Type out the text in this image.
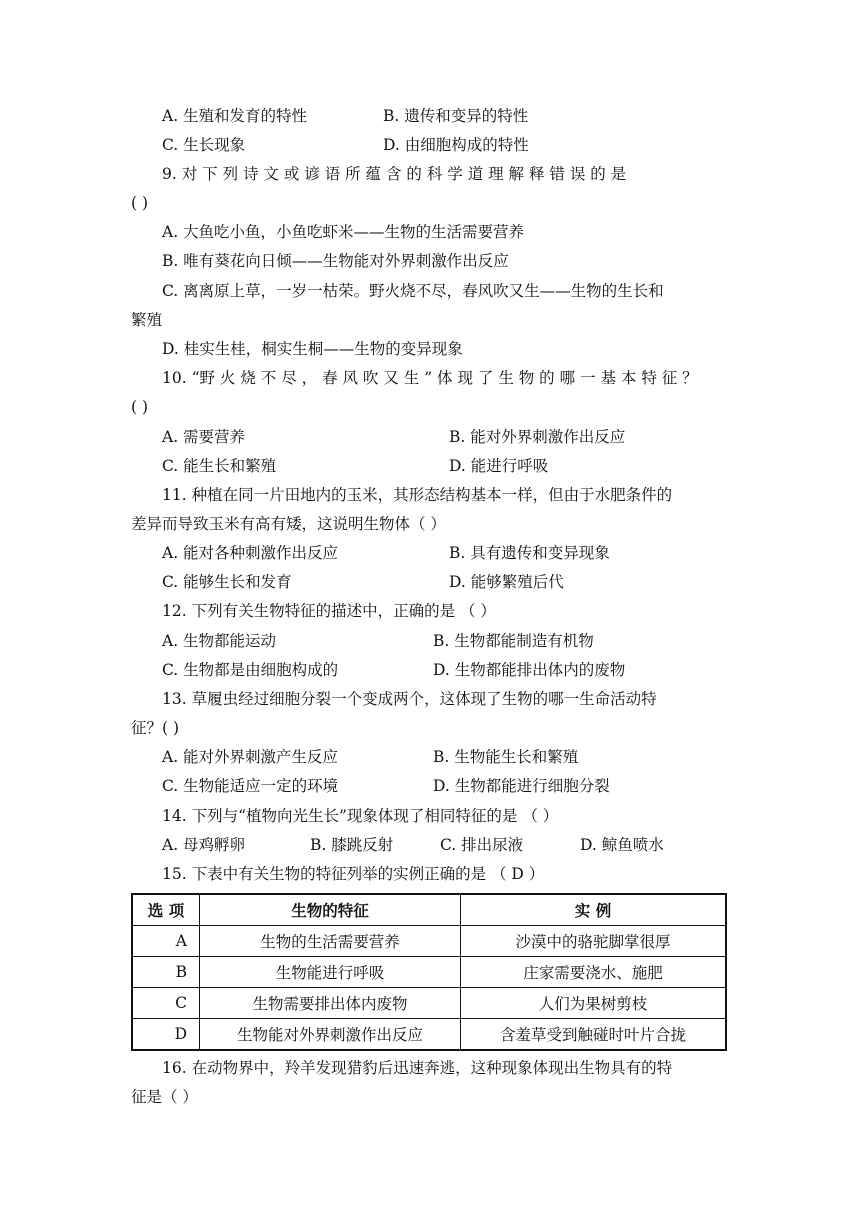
A. 生殖和发育的特性	B. 遗传和变异的特性
C. 生长现象	D. 由细胞构成的特性
9. 对 下 列 诗 文 或 谚 语 所 蕴 含 的 科 学 道 理 解 释 错 误 的 是
( )
A. 大鱼吃小鱼，小鱼吃虾米——生物的生活需要营养
B. 唯有葵花向日倾——生物能对外界刺激作出反应
C. 离离原上草，一岁一枯荣。野火烧不尽，春风吹又生——生物的生长和
繁殖
D. 桂实生桂，桐实生桐——生物的变异现象
10. “野 火 烧 不 尽 ， 春 风 吹 又 生 ” 体 现 了 生 物 的 哪 一 基 本 特 征 ？
( )
A. 需要营养	B. 能对外界刺激作出反应
C. 能生长和繁殖	D. 能进行呼吸
11. 种植在同一片田地内的玉米，其形态结构基本一样，但由于水肥条件的
差异而导致玉米有高有矮，这说明生物体（ ）
A. 能对各种刺激作出反应	B. 具有遗传和变异现象
C. 能够生长和发育	D. 能够繁殖后代
12. 下列有关生物特征的描述中，正确的是 （ ）
A. 生物都能运动	B. 生物都能制造有机物
C. 生物都是由细胞构成的	D. 生物都能排出体内的废物
13. 草履虫经过细胞分裂一个变成两个，这体现了生物的哪一生命活动特
征？( )
A. 能对外界刺激产生反应	B. 生物能生长和繁殖
C. 生物能适应一定的环境	D. 生物都能进行细胞分裂
14. 下列与“植物向光生长”现象体现了相同特征的是 （ ）
A. 母鸡孵卵	B. 膝跳反射	C. 排出尿液	D. 鲸鱼喷水
15. 下表中有关生物的特征列举的实例正确的是 （ D ）
选 项	生物的特征	实 例
A	生物的生活需要营养	沙漠中的骆驼脚掌很厚
B	生物能进行呼吸	庄家需要浇水、施肥
C	生物需要排出体内废物	人们为果树剪枝
D	生物能对外界刺激作出反应	含羞草受到触碰时叶片合拢
16. 在动物界中，羚羊发现猎豹后迅速奔逃，这种现象体现出生物具有的特
征是（ ）
